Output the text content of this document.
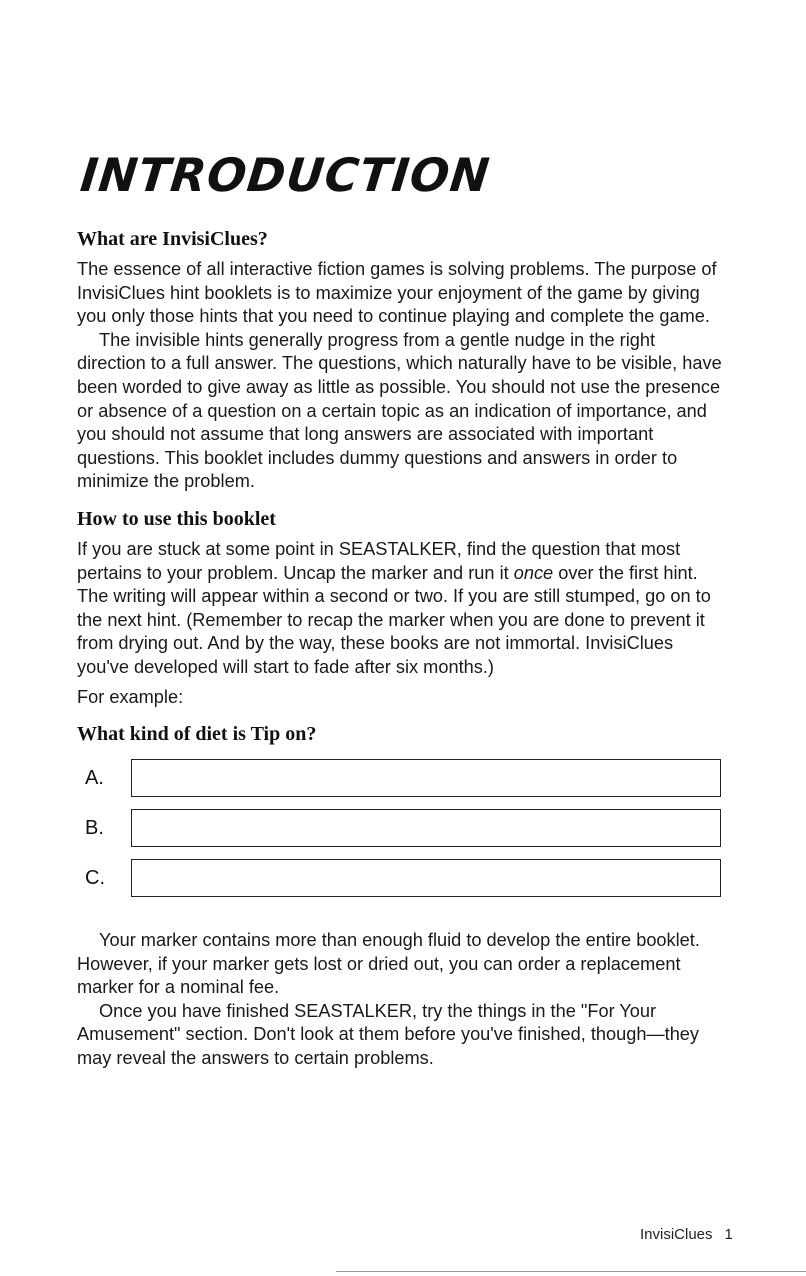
INTRODUCTION
What are InvisiClues?

The essence of all interactive fiction games is solving problems. The purpose of InvisiClues hint booklets is to maximize your enjoyment of the game by giving you only those hints that you need to continue playing and complete the game.

The invisible hints generally progress from a gentle nudge in the right direction to a full answer. The questions, which naturally have to be visible, have been worded to give away as little as possible. You should not use the presence or absence of a question on a certain topic as an indication of importance, and you should not assume that long answers are associated with important questions. This booklet includes dummy questions and answers in order to minimize the problem.

How to use this booklet

If you are stuck at some point in SEASTALKER, find the question that most pertains to your problem. Uncap the marker and run it once over the first hint. The writing will appear within a second or two. If you are still stumped, go on to the next hint. (Remember to recap the marker when you are done to prevent it from drying out. And by the way, these books are not immortal. InvisiClues you've developed will start to fade after six months.)

For example:

What kind of diet is Tip on?
A.
B.
C.

Your marker contains more than enough fluid to develop the entire booklet. However, if your marker gets lost or dried out, you can order a replacement marker for a nominal fee.

Once you have finished SEASTALKER, try the things in the "For Your Amusement" section. Don't look at them before you've finished, though—they may reveal the answers to certain problems.

InvisiClues 1
